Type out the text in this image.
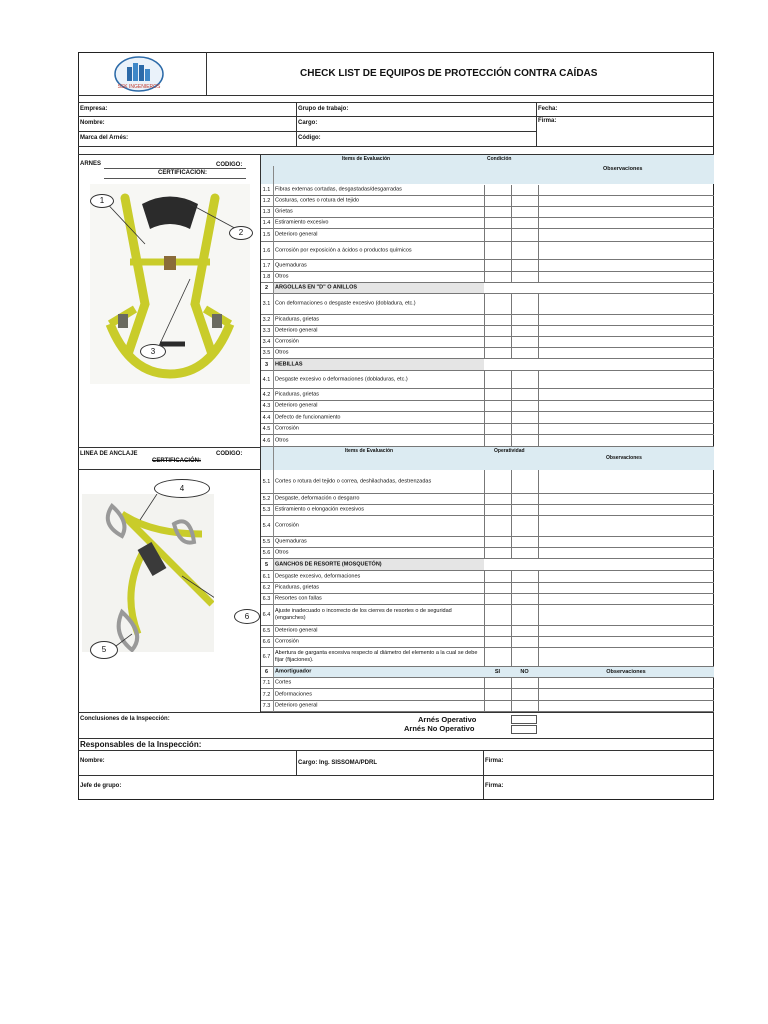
SSK INGENIEROS
CHECK LIST DE EQUIPOS DE PROTECCIÓN CONTRA CAÍDAS
Empresa:
Nombre:
Marca del Arnés:
Grupo de trabajo:
Cargo:
Código:
Fecha:
Firma:
ARNES	CODIGO:
CERTIFICACION:
1
2
3
LINEA DE ANCLAJE	CODIGO:
CERTIFICACIÓN:
4
6
5
1.1 Fibras externas cortadas, desgastadas/desgarradas
1.2 Costuras, cortes o rotura del tejido
1.3 Grietas
1.4 Estiramiento excesivo
1.5 Deterioro general
1.6 Corrosión por exposición a ácidos o productos químicos
1.7 Quemaduras
1.8 Otros
2	ARGOLLAS EN "D" O ANILLOS
3.1 Con deformaciones o desgaste excesivo (dobladura, etc.)
3.2 Picaduras, grietas
3.3 Deterioro general
3.4 Corrosión
3.5 Otros
3	HEBILLAS
4.1 Desgaste excesivo o deformaciones (dobladuras, etc.)
4.2 Picaduras, grietas
4.3 Deterioro general
4.4 Defecto de funcionamiento
4.5 Corrosión
4.6 Otros
5.1 Cortes o rotura del tejido o correa, deshilachadas, destrenzadas
5.2 Desgaste, deformación o desgarro
5.3 Estiramiento o elongación excesivos
5.4 Corrosión
5.5 Quemaduras
5.6 Otros
5	GANCHOS DE RESORTE (MOSQUETÓN)
6.1 Desgaste excesivo, deformaciones
6.2 Picaduras, grietas
6.3 Resortes con fallas
6.4
Ajuste inadecuado o incorrecto de los cierres de resortes o de seguridad (enganches)
6.5 Deterioro general
6.6 Corrosión
6.7
Abertura de garganta excesiva respecto al diámetro del elemento a la cual se debe fijar (fijaciones).
6	Amortiguador	SI	NO	Observaciones
7.1 Cortes
7.2 Deformaciones
7.3 Deterioro general
Conclusiones de la Inspección:	Arnés Operativo
Arnés No Operativo
Responsables de la Inspección:
Nombre:	Cargo: Ing. SISSOMA/PDRL	Firma:
Jefe de grupo:	Firma:
Items de Evaluación	Condición
Observaciones
Items de Evaluación	Operatividad
Observaciones
